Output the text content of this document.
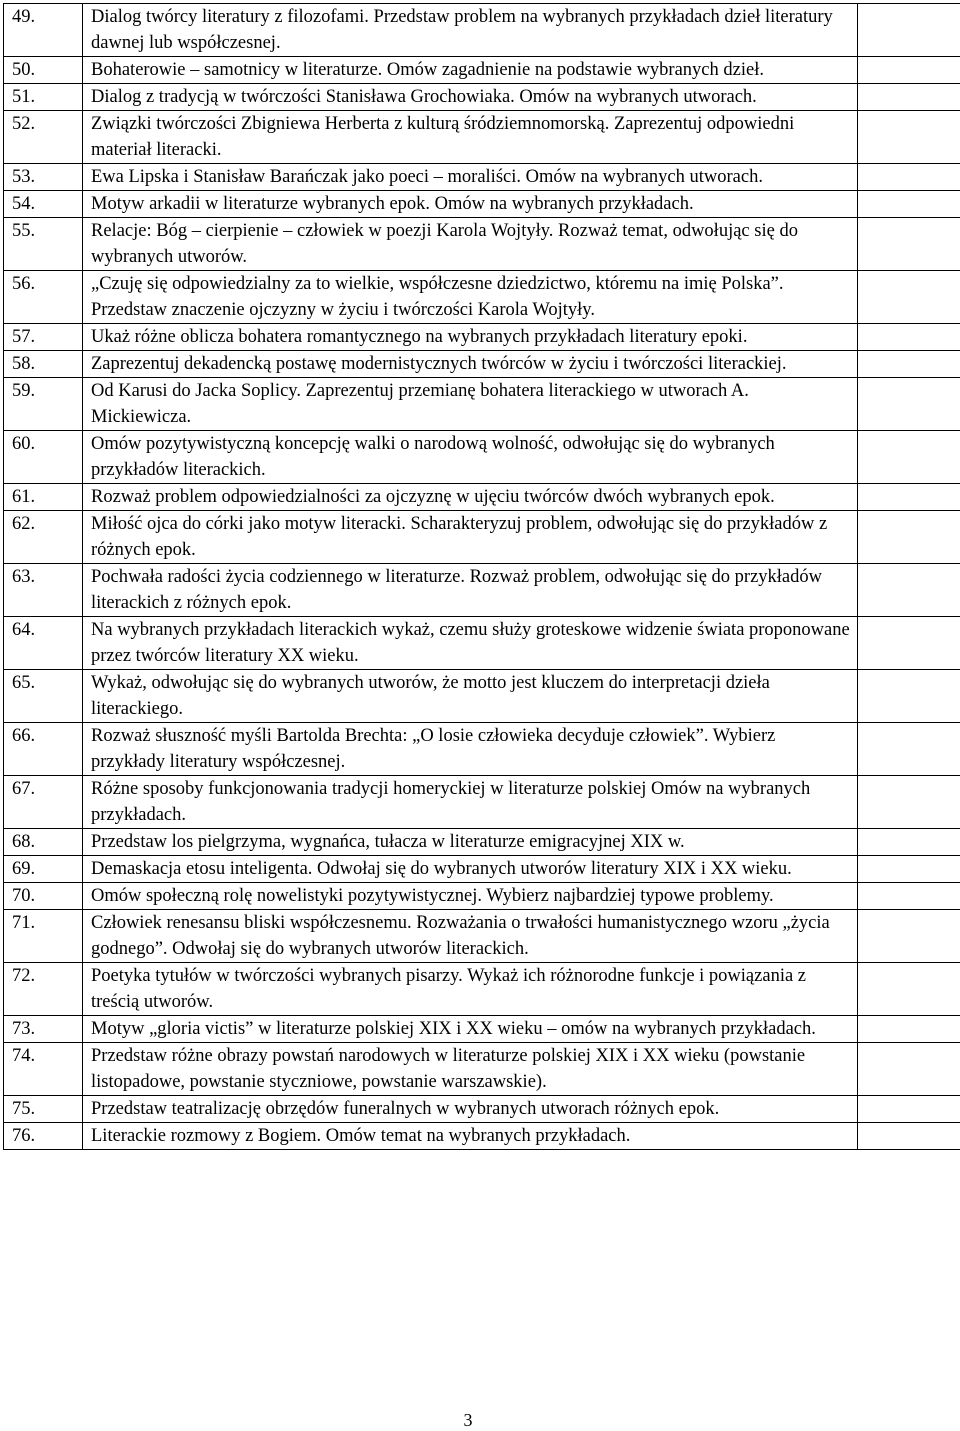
49.	Dialog twórcy literatury z filozofami. Przedstaw problem na wybranych przykładach dzieł literatury dawnej lub współczesnej.	
50.	Bohaterowie – samotnicy w literaturze. Omów zagadnienie na podstawie wybranych dzieł.	
51.	Dialog z tradycją w twórczości Stanisława Grochowiaka. Omów na wybranych utworach.	
52.	Związki twórczości Zbigniewa Herberta z kulturą śródziemnomorską. Zaprezentuj odpowiedni materiał literacki.	
53.	Ewa Lipska i Stanisław Barańczak jako poeci – moraliści. Omów na wybranych utworach.	
54.	Motyw arkadii w literaturze wybranych epok. Omów na wybranych przykładach.	
55.	Relacje: Bóg – cierpienie – człowiek w poezji Karola Wojtyły. Rozważ temat, odwołując się do wybranych utworów.	
56.	„Czuję się odpowiedzialny za to wielkie, współczesne dziedzictwo, któremu na imię Polska”. Przedstaw znaczenie ojczyzny w życiu i twórczości Karola Wojtyły.	
57.	Ukaż różne oblicza bohatera romantycznego na wybranych przykładach literatury epoki.	
58.	Zaprezentuj dekadencką postawę modernistycznych twórców w życiu i twórczości literackiej.	
59.	Od Karusi do Jacka Soplicy. Zaprezentuj przemianę bohatera literackiego w utworach A. Mickiewicza.	
60.	Omów pozytywistyczną koncepcję walki o narodową wolność, odwołując się do wybranych przykładów literackich.	
61.	Rozważ problem odpowiedzialności za ojczyznę w ujęciu twórców dwóch wybranych epok.	
62.	Miłość ojca do córki jako motyw literacki. Scharakteryzuj problem, odwołując się do przykładów z różnych epok.	
63.	Pochwała radości życia codziennego w literaturze. Rozważ problem, odwołując się do przykładów literackich z różnych epok.	
64.	Na wybranych przykładach literackich wykaż, czemu służy groteskowe widzenie świata proponowane przez twórców literatury XX wieku.	
65.	Wykaż, odwołując się do wybranych utworów, że motto jest kluczem do interpretacji dzieła literackiego.	
66.	Rozważ słuszność myśli Bartolda Brechta: „O losie człowieka decyduje człowiek”. Wybierz przykłady literatury współczesnej.	
67.	Różne sposoby funkcjonowania tradycji homeryckiej w literaturze polskiej Omów na wybranych przykładach.	
68.	Przedstaw los pielgrzyma, wygnańca, tułacza w literaturze emigracyjnej XIX w.	
69.	Demaskacja etosu inteligenta. Odwołaj się do wybranych utworów literatury XIX i XX wieku.	
70.	Omów społeczną rolę nowelistyki pozytywistycznej. Wybierz najbardziej typowe problemy.	
71.	Człowiek renesansu bliski współczesnemu. Rozważania o trwałości humanistycznego wzoru „życia godnego”. Odwołaj się do wybranych utworów literackich.	
72.	Poetyka tytułów w twórczości wybranych pisarzy. Wykaż ich różnorodne funkcje i powiązania z treścią utworów.	
73.	Motyw „gloria victis” w literaturze polskiej XIX i XX wieku – omów na wybranych przykładach.	
74.	Przedstaw różne obrazy powstań narodowych w literaturze polskiej XIX i XX wieku (powstanie listopadowe, powstanie styczniowe, powstanie warszawskie).	
75.	Przedstaw teatralizację obrzędów funeralnych w wybranych utworach różnych epok.	
76.	Literackie rozmowy z Bogiem. Omów temat na wybranych przykładach.	
3
